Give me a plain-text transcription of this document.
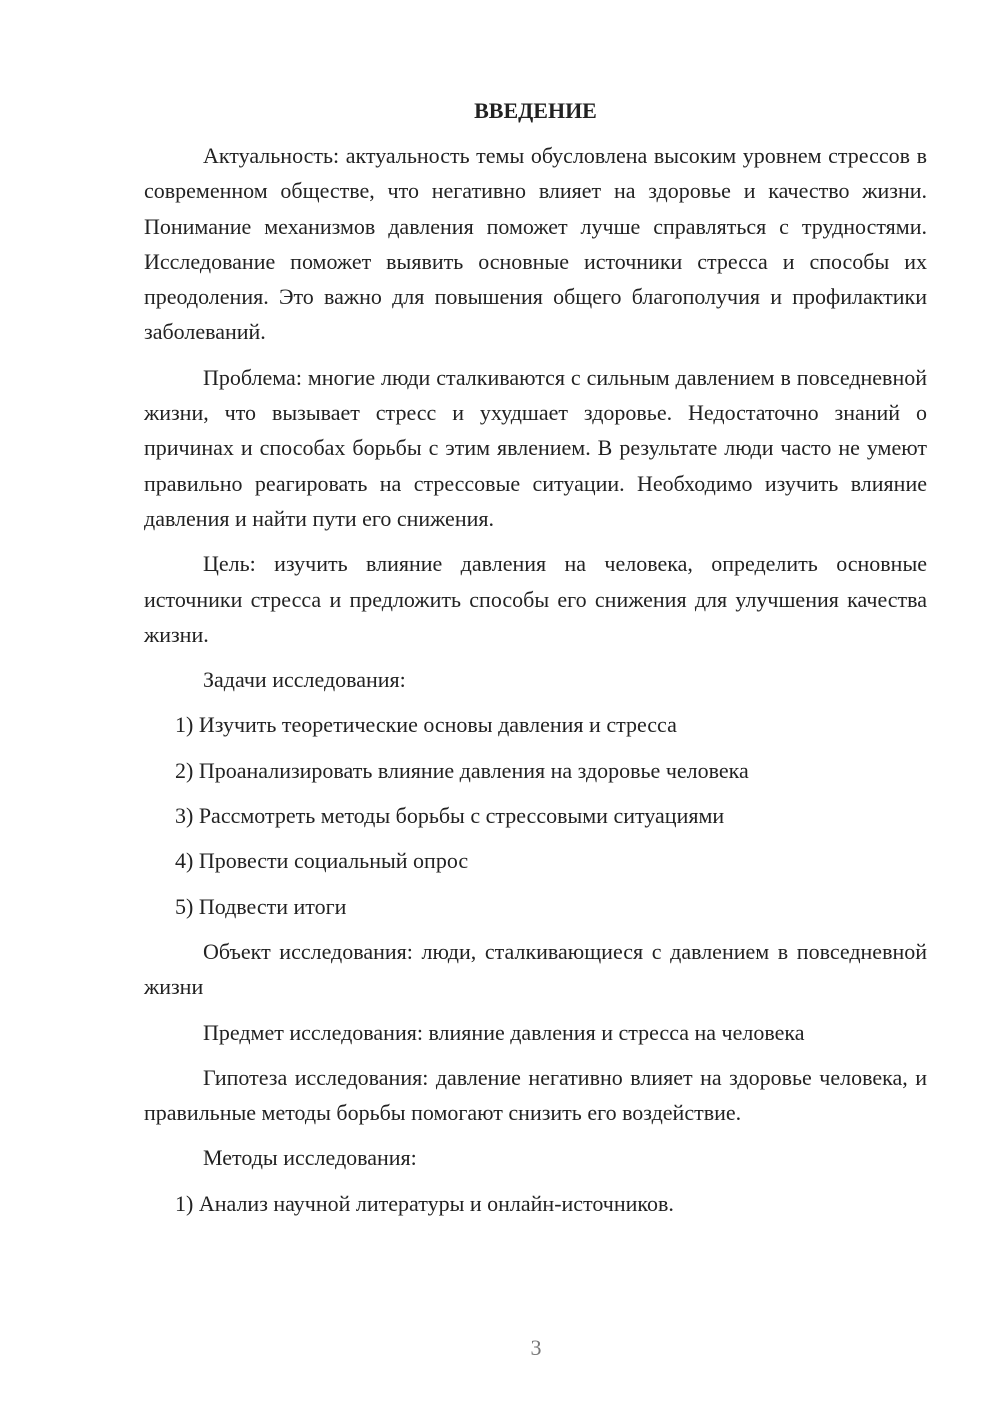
ВВЕДЕНИЕ
Актуальность: актуальность темы обусловлена высоким уровнем стрессов в современном обществе, что негативно влияет на здоровье и качество жизни. Понимание механизмов давления поможет лучше справляться с трудностями. Исследование поможет выявить основные источники стресса и способы их преодоления. Это важно для повышения общего благополучия и профилактики заболеваний.
Проблема: многие люди сталкиваются с сильным давлением в повседневной жизни, что вызывает стресс и ухудшает здоровье. Недостаточно знаний о причинах и способах борьбы с этим явлением. В результате люди часто не умеют правильно реагировать на стрессовые ситуации. Необходимо изучить влияние давления и найти пути его снижения.
Цель: изучить влияние давления на человека, определить основные источники стресса и предложить способы его снижения для улучшения качества жизни.
Задачи исследования:
1) Изучить теоретические основы давления и стресса
2) Проанализировать влияние давления на здоровье человека
3) Рассмотреть методы борьбы с стрессовыми ситуациями
4) Провести социальный опрос
5) Подвести итоги
Объект исследования: люди, сталкивающиеся с давлением в повседневной жизни
Предмет исследования: влияние давления и стресса на человека
Гипотеза исследования: давление негативно влияет на здоровье человека, и правильные методы борьбы помогают снизить его воздействие.
Методы исследования:
1) Анализ научной литературы и онлайн-источников.
3
